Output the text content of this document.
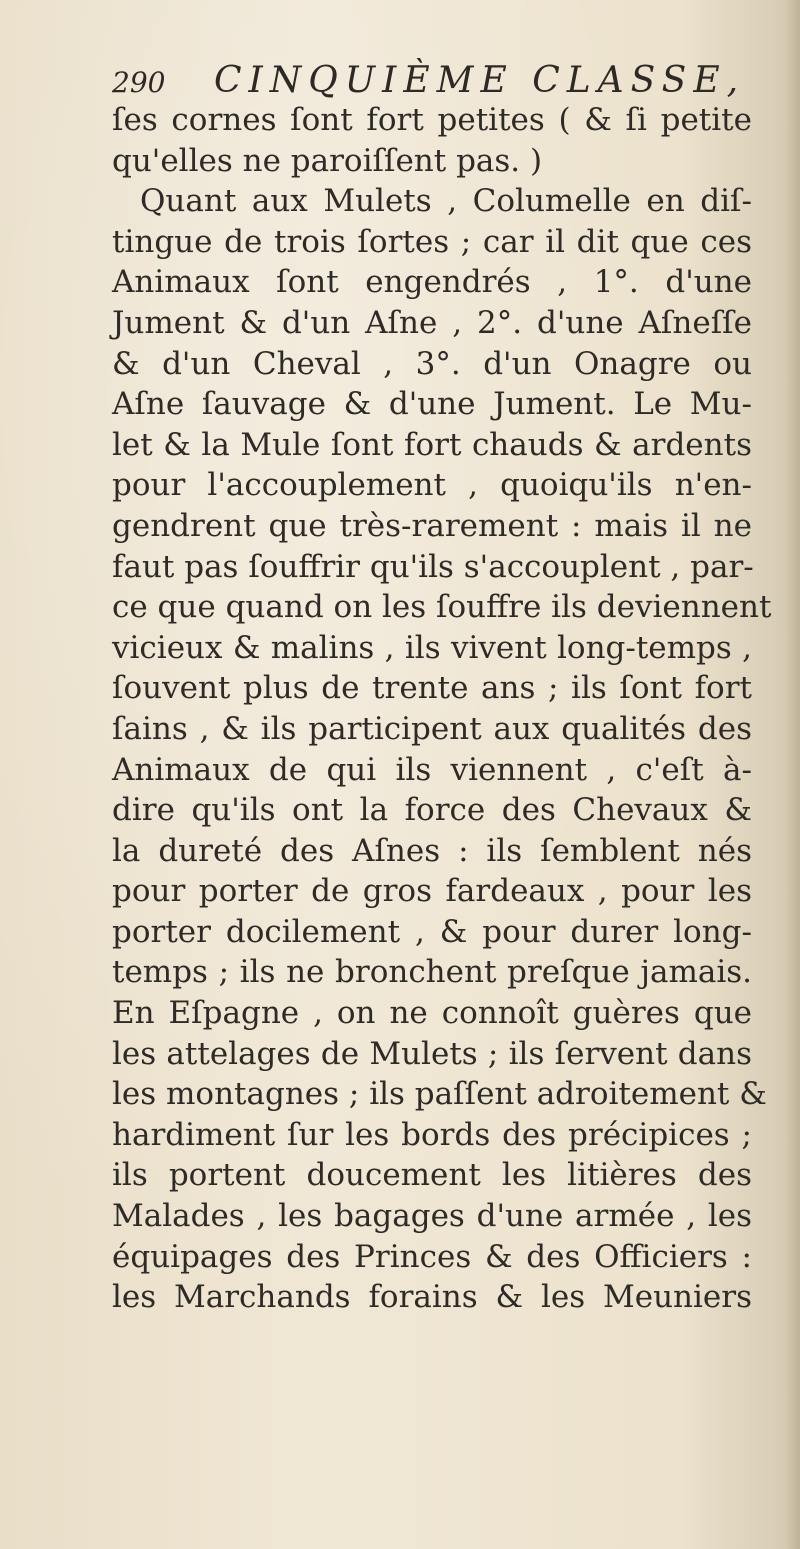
290 CINQUIÈME CLASSE,
ſes cornes ſont fort petites ( & ſi petite
qu'elles ne paroiſſent pas. )
Quant aux Mulets , Columelle en diſ-
tingue de trois ſortes ; car il dit que ces
Animaux ſont engendrés , 1°. d'une
Jument & d'un Aſne , 2°. d'une Aſneſſe
& d'un Cheval , 3°. d'un Onagre ou
Aſne ſauvage & d'une Jument. Le Mu-
let & la Mule ſont fort chauds & ardents
pour l'accouplement , quoiqu'ils n'en-
gendrent que très-rarement : mais il ne
faut pas ſouffrir qu'ils s'accouplent , par-
ce que quand on les ſouffre ils deviennent
vicieux & malins , ils vivent long-temps ,
ſouvent plus de trente ans ; ils ſont fort
ſains , & ils participent aux qualités des
Animaux de qui ils viennent , c'eſt à-
dire qu'ils ont la force des Chevaux &
la dureté des Aſnes : ils ſemblent nés
pour porter de gros fardeaux , pour les
porter docilement , & pour durer long-
temps ; ils ne bronchent preſque jamais.
En Eſpagne , on ne connoît guères que
les attelages de Mulets ; ils ſervent dans
les montagnes ; ils paſſent adroitement &
hardiment ſur les bords des précipices ;
ils portent doucement les litières des
Malades , les bagages d'une armée , les
équipages des Princes & des Officiers :
les Marchands forains & les Meuniers
